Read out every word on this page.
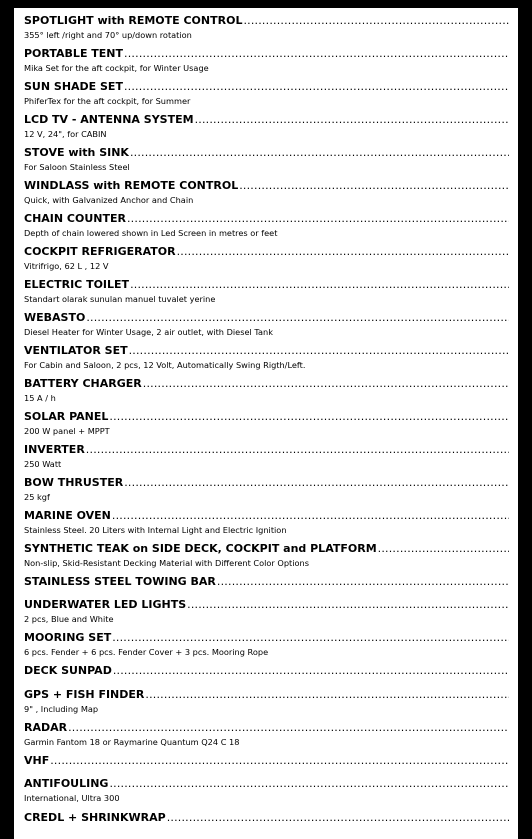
SPOTLIGHT with REMOTE CONTROL
.....
355° left /right and 70° up/down rotation
PORTABLE TENT
.....
Mika Set for the aft cockpit, for Winter Usage
SUN SHADE SET
.....
PhiferTex for the aft cockpit, for Summer
LCD TV - ANTENNA SYSTEM
.....
12 V, 24", for CABIN
STOVE with SINK
.....
For Saloon Stainless Steel
WINDLASS with REMOTE CONTROL
.....
Quick, with Galvanized Anchor and Chain
CHAIN COUNTER
.....
Depth of chain lowered shown in Led Screen in metres or feet
COCKPIT REFRIGERATOR
.....
Vitrifrigo, 62 L , 12 V
ELECTRIC TOILET
.....
Standart olarak sunulan manuel tuvalet yerine
WEBASTO
.....
Diesel Heater for Winter Usage, 2 air outlet, with Diesel Tank
VENTILATOR SET
.....
For Cabin and Saloon, 2 pcs, 12 Volt, Automatically Swing Rigth/Left.
BATTERY CHARGER
.....
15 A / h
SOLAR PANEL
.....
200 W panel + MPPT
INVERTER
.....
250 Watt
BOW THRUSTER
.....
25 kgf
MARINE OVEN
.....
Stainless Steel. 20 Liters with Internal Light and Electric Ignition
SYNTHETIC TEAK on SIDE DECK, COCKPIT and PLATFORM
.....
Non-slip, Skid-Resistant Decking Material with Different Color Options
STAINLESS STEEL TOWING BAR
.....
UNDERWATER LED LIGHTS
.....
2 pcs, Blue and White
MOORING SET
.....
6 pcs. Fender + 6 pcs. Fender Cover + 3 pcs. Mooring Rope
DECK SUNPAD
.....
GPS + FISH FINDER
.....
9" , Including Map
RADAR
.....
Garmin Fantom 18 or Raymarine Quantum Q24 C 18
VHF
.....
ANTIFOULING
.....
International, Ultra 300
CREDL + SHRINKWRAP
.....
